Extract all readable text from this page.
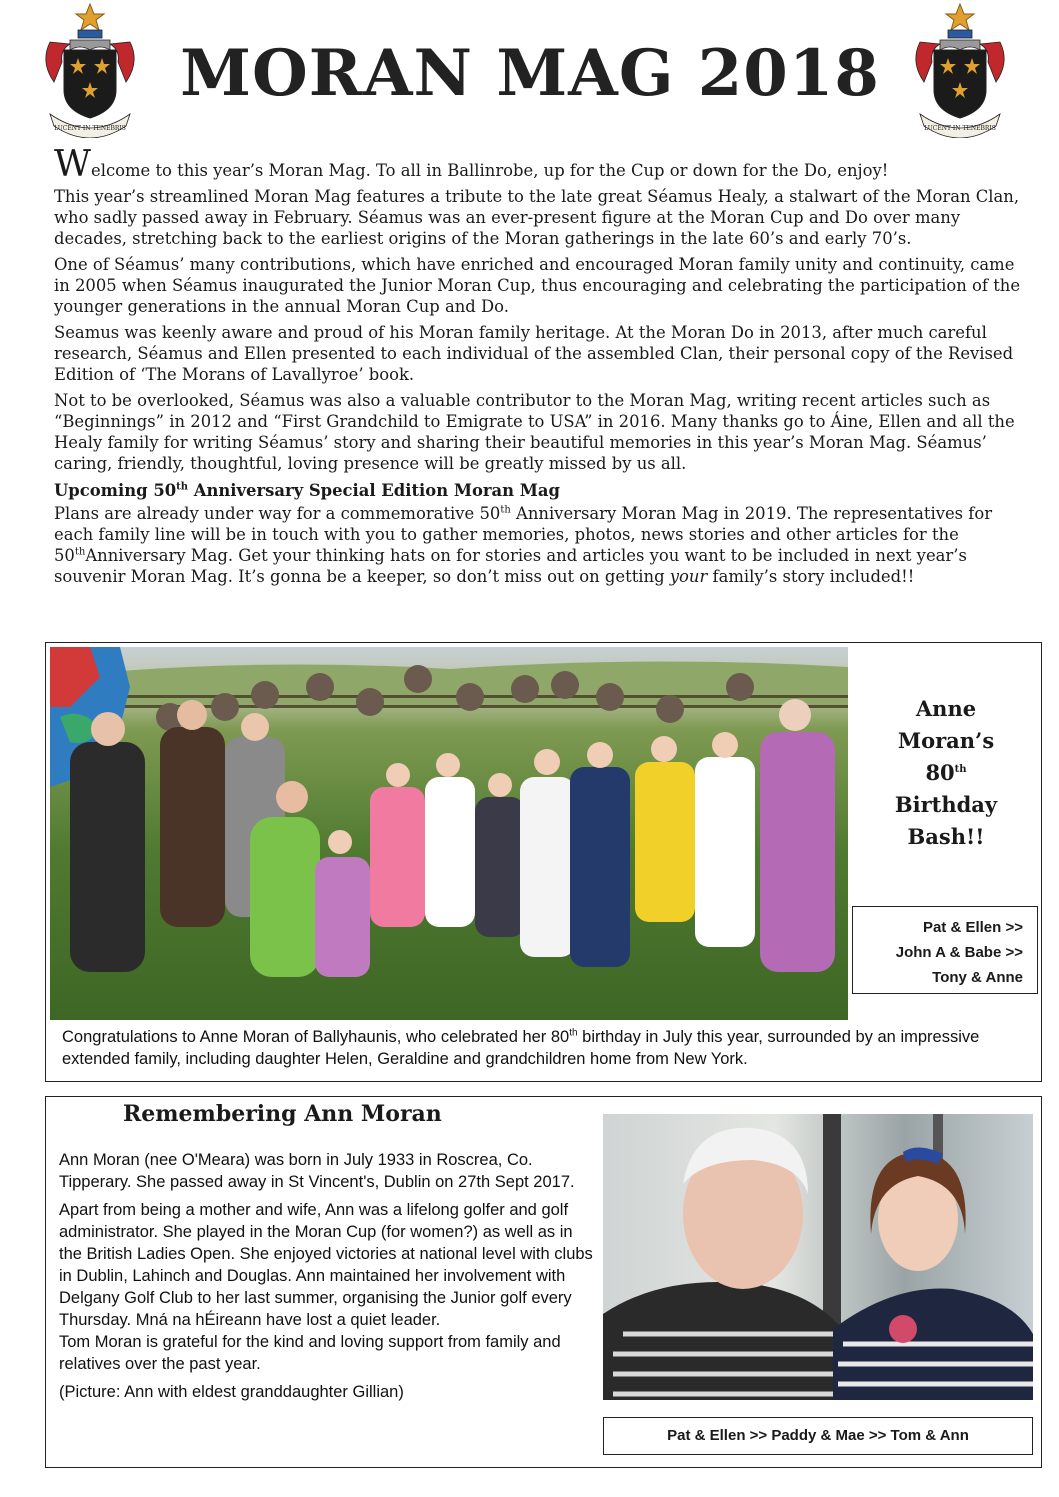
LUCENT IN TENEBRIS	LUCENT IN TENEBRIS
MORAN MAG 2018

Welcome to this year’s Moran Mag. To all in Ballinrobe, up for the Cup or down for the Do, enjoy!

This year’s streamlined Moran Mag features a tribute to the late great Séamus Healy, a stalwart of the Moran Clan, who sadly passed away in February. Séamus was an ever-present figure at the Moran Cup and Do over many decades, stretching back to the earliest origins of the Moran gatherings in the late 60’s and early 70’s.

One of Séamus’ many contributions, which have enriched and encouraged Moran family unity and continuity, came in 2005 when Séamus inaugurated the Junior Moran Cup, thus encouraging and celebrating the participation of the younger generations in the annual Moran Cup and Do.

Seamus was keenly aware and proud of his Moran family heritage. At the Moran Do in 2013, after much careful research, Séamus and Ellen presented to each individual of the assembled Clan, their personal copy of the Revised Edition of ‘The Morans of Lavallyroe’ book.

Not to be overlooked, Séamus was also a valuable contributor to the Moran Mag, writing recent articles such as “Beginnings” in 2012 and “First Grandchild to Emigrate to USA” in 2016. Many thanks go to Áine, Ellen and all the Healy family for writing Séamus’ story and sharing their beautiful memories in this year’s Moran Mag. Séamus’ caring, friendly, thoughtful, loving presence will be greatly missed by us all.

Upcoming 50th Anniversary Special Edition Moran Mag

Plans are already under way for a commemorative 50th Anniversary Moran Mag in 2019. The representatives for each family line will be in touch with you to gather memories, photos, news stories and other articles for the 50thAnniversary Mag. Get your thinking hats on for stories and articles you want to be included in next year’s souvenir Moran Mag. It’s gonna be a keeper, so don’t miss out on getting your family’s story included!!

Anne
Moran’s
80th
Birthday
Bash!!
Pat & Ellen >>
John A & Babe >>
Tony & Anne
Congratulations to Anne Moran of Ballyhaunis, who celebrated her 80th birthday in July this year, surrounded by an impressive extended family, including daughter Helen, Geraldine and grandchildren home from New York.
Remembering Ann Moran

Ann Moran (nee O'Meara) was born in July 1933 in Roscrea, Co. Tipperary. She passed away in St Vincent's, Dublin on 27th Sept 2017.

Apart from being a mother and wife, Ann was a lifelong golfer and golf administrator. She played in the Moran Cup (for women?) as well as in the British Ladies Open. She enjoyed victories at national level with clubs in Dublin, Lahinch and Douglas. Ann maintained her involvement with Delgany Golf Club to her last summer, organising the Junior golf every Thursday. Mná na hÉireann have lost a quiet leader.

Tom Moran is grateful for the kind and loving support from family and relatives over the past year.

(Picture: Ann with eldest granddaughter Gillian)

Pat & Ellen >> Paddy & Mae >> Tom & Ann
